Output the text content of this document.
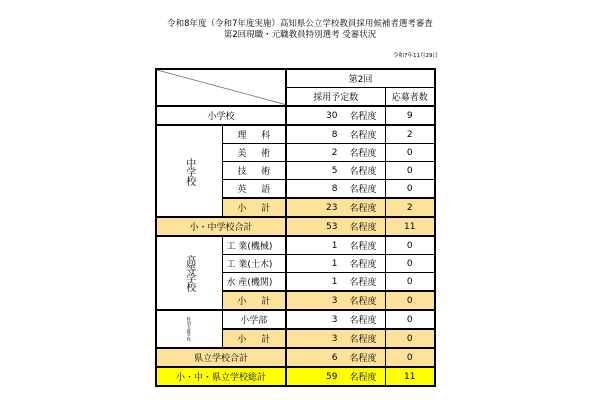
令和8年度（令和7年度実施）高知県公立学校教員採用候補者選考審査
第2回現職・元職教員特別選考 受審状況
令和7年11月29日
	第2回	
		採用予定数	応募者数
小学校		30 名程度	9

中学校	理 科	8 名程度	2
	美 術	2 名程度	0
	技 術	5 名程度	0
	英 語	8 名程度	0
	小 計	23 名程度	2
小・中学校合計		53 名程度	11

高等学校	工 業(機械)	1 名程度	0
	工 業(土木)	1 名程度	0
	水 産(機関)	1 名程度	0
	小 計	3 名程度	0

特別支援学校	小学部	3 名程度	0
	小 計	3 名程度	0
県立学校合計		6 名程度	0
小・中・県立学校総計		59 名程度	11
